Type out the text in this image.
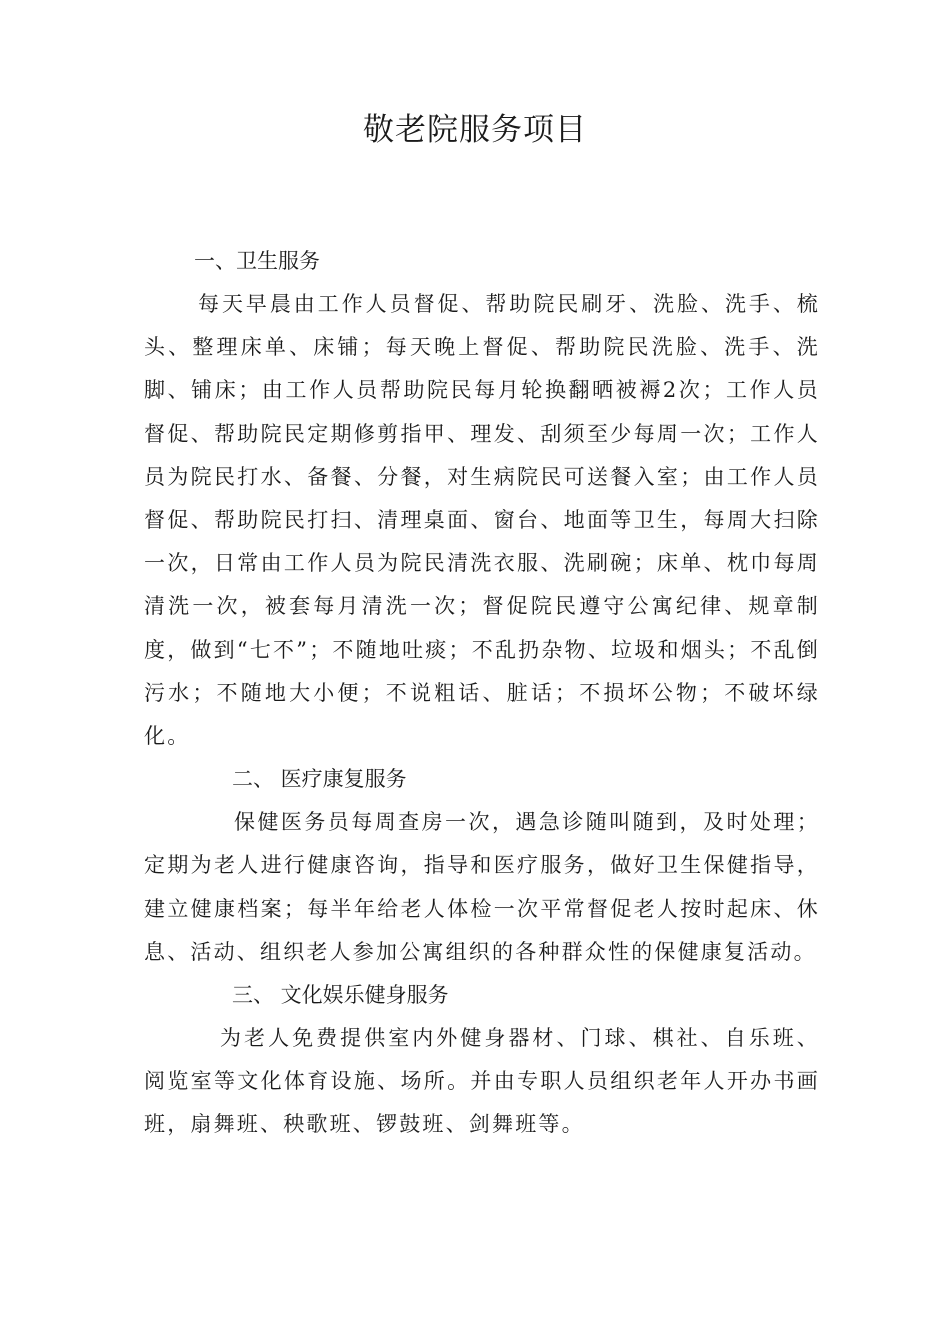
敬老院服务项目

一、卫生服务

每天早晨由工作人员督促、帮助院民刷牙、洗脸、洗手、梳头、整理床单、床铺；每天晚上督促、帮助院民洗脸、洗手、洗脚、铺床；由工作人员帮助院民每月轮换翻晒被褥2次；工作人员督促、帮助院民定期修剪指甲、理发、刮须至少每周一次；工作人员为院民打水、备餐、分餐，对生病院民可送餐入室；由工作人员督促、帮助院民打扫、清理桌面、窗台、地面等卫生，每周大扫除一次，日常由工作人员为院民清洗衣服、洗刷碗；床单、枕巾每周清洗一次，被套每月清洗一次；督促院民遵守公寓纪律、规章制度，做到“七不”；不随地吐痰；不乱扔杂物、垃圾和烟头；不乱倒污水；不随地大小便；不说粗话、脏话；不损坏公物；不破坏绿化。

二、 医疗康复服务

保健医务员每周查房一次，遇急诊随叫随到，及时处理；定期为老人进行健康咨询，指导和医疗服务，做好卫生保健指导，建立健康档案；每半年给老人体检一次平常督促老人按时起床、休息、活动、组织老人参加公寓组织的各种群众性的保健康复活动。

三、 文化娱乐健身服务

为老人免费提供室内外健身器材、门球、棋社、自乐班、阅览室等文化体育设施、场所。并由专职人员组织老年人开办书画班，扇舞班、秧歌班、锣鼓班、剑舞班等。
